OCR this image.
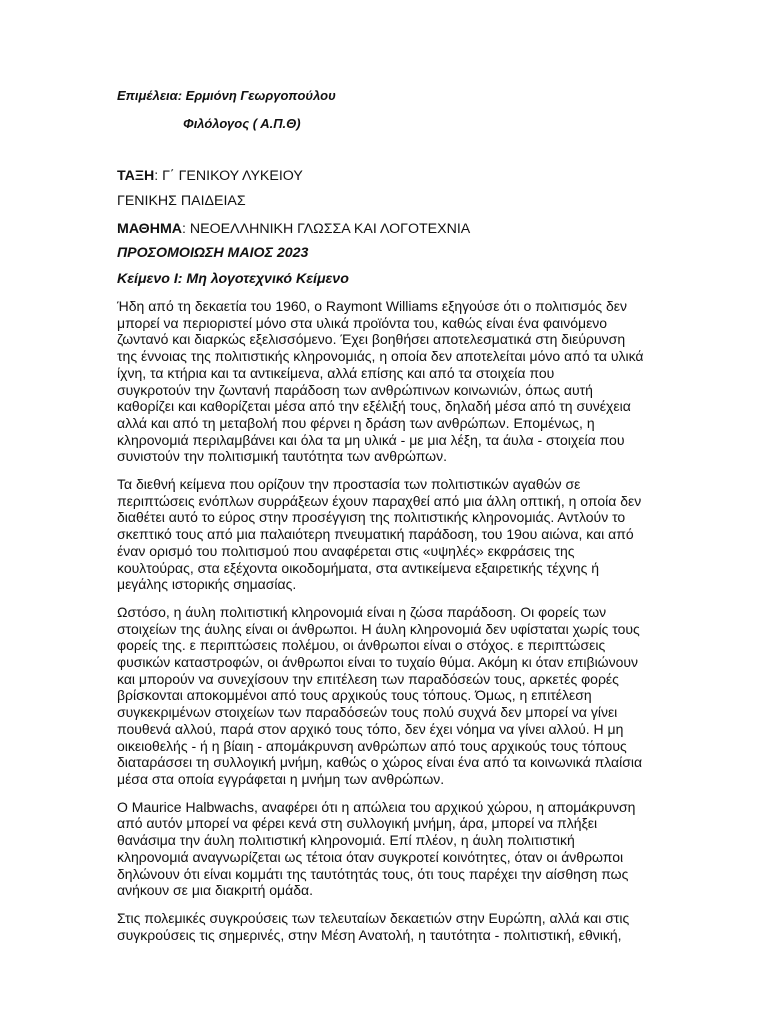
Επιμέλεια: Ερμιόνη Γεωργοπούλου
Φιλόλογος ( Α.Π.Θ)
ΤΑΞΗ: Γ΄ ΓΕΝΙΚΟΥ ΛΥΚΕΙΟΥ
ΓΕΝΙΚΗΣ ΠΑΙΔΕΙΑΣ
ΜΑΘΗΜΑ: ΝΕΟΕΛΛΗΝΙΚΗ ΓΛΩΣΣΑ ΚΑΙ ΛΟΓΟΤΕΧΝΙΑ
ΠΡΟΣΟΜΟΙΩΣΗ ΜΑΙΟΣ 2023
Κείμενο Ι: Μη λογοτεχνικό Κείμενο
Ήδη από τη δεκαετία του 1960, ο Raymont Williams εξηγούσε ότι ο πολιτισμός δεν
μπορεί να περιοριστεί μόνο στα υλικά προϊόντα του, καθώς είναι ένα φαινόμενο
ζωντανό και διαρκώς εξελισσόμενο. Έχει βοηθήσει αποτελεσματικά στη διεύρυνση
της έννοιας της πολιτιστικής κληρονομιάς, η οποία δεν αποτελείται μόνο από τα υλικά
ίχνη, τα κτήρια και τα αντικείμενα, αλλά επίσης και από τα στοιχεία που
συγκροτούν την ζωντανή παράδοση των ανθρώπινων κοινωνιών, όπως αυτή
καθορίζει και καθορίζεται μέσα από την εξέλιξή τους, δηλαδή μέσα από τη συνέχεια
αλλά και από τη μεταβολή που φέρνει η δράση των ανθρώπων. Επομένως, η
κληρονομιά περιλαμβάνει και όλα τα μη υλικά - με μια λέξη, τα άυλα - στοιχεία που
συνιστούν την πολιτισμική ταυτότητα των ανθρώπων.
Τα διεθνή κείμενα που ορίζουν την προστασία των πολιτιστικών αγαθών σε
περιπτώσεις ενόπλων συρράξεων έχουν παραχθεί από μια άλλη οπτική, η οποία δεν
διαθέτει αυτό το εύρος στην προσέγγιση της πολιτιστικής κληρονομιάς. Αντλούν το
σκεπτικό τους από μια παλαιότερη πνευματική παράδοση, του 19ου αιώνα, και από
έναν ορισμό του πολιτισμού που αναφέρεται στις «υψηλές» εκφράσεις της
κουλτούρας, στα εξέχοντα οικοδομήματα, στα αντικείμενα εξαιρετικής τέχνης ή
μεγάλης ιστορικής σημασίας.
Ωστόσο, η άυλη πολιτιστική κληρονομιά είναι η ζώσα παράδοση. Οι φορείς των
στοιχείων της άυλης είναι οι άνθρωποι. Η άυλη κληρονομιά δεν υφίσταται χωρίς τους
φορείς της. ε περιπτώσεις πολέμου, οι άνθρωποι είναι ο στόχος. ε περιπτώσεις
φυσικών καταστροφών, οι άνθρωποι είναι το τυχαίο θύμα. Ακόμη κι όταν επιβιώνουν
και μπορούν να συνεχίσουν την επιτέλεση των παραδόσεών τους, αρκετές φορές
βρίσκονται αποκομμένοι από τους αρχικούς τους τόπους. Όμως, η επιτέλεση
συγκεκριμένων στοιχείων των παραδόσεών τους πολύ συχνά δεν μπορεί να γίνει
πουθενά αλλού, παρά στον αρχικό τους τόπο, δεν έχει νόημα να γίνει αλλού. Η μη
οικειοθελής - ή η βίαιη - απομάκρυνση ανθρώπων από τους αρχικούς τους τόπους
διαταράσσει τη συλλογική μνήμη, καθώς ο χώρος είναι ένα από τα κοινωνικά πλαίσια
μέσα στα οποία εγγράφεται η μνήμη των ανθρώπων.
Ο Maurice Halbwachs, αναφέρει ότι η απώλεια του αρχικού χώρου, η απομάκρυνση
από αυτόν μπορεί να φέρει κενά στη συλλογική μνήμη, άρα, μπορεί να πλήξει
θανάσιμα την άυλη πολιτιστική κληρονομιά. Επί πλέον, η άυλη πολιτιστική
κληρονομιά αναγνωρίζεται ως τέτοια όταν συγκροτεί κοινότητες, όταν οι άνθρωποι
δηλώνουν ότι είναι κομμάτι της ταυτότητάς τους, ότι τους παρέχει την αίσθηση πως
ανήκουν σε μια διακριτή ομάδα.
Στις πολεμικές συγκρούσεις των τελευταίων δεκαετιών στην Ευρώπη, αλλά και στις
συγκρούσεις τις σημερινές, στην Μέση Ανατολή, η ταυτότητα - πολιτιστική, εθνική,
